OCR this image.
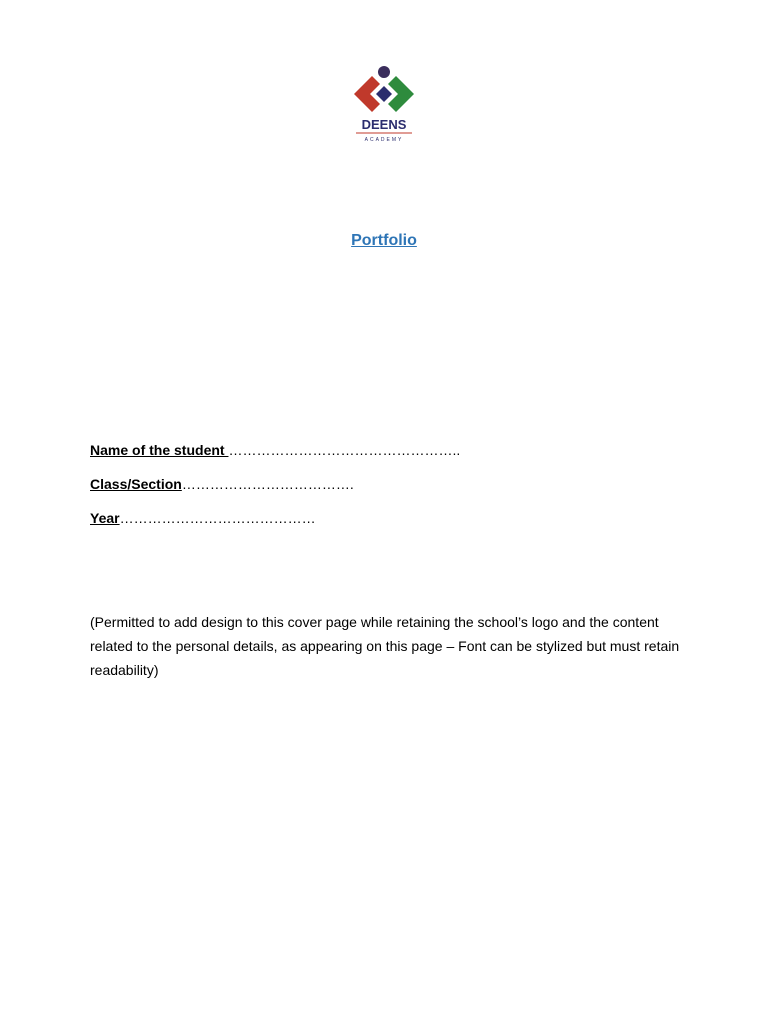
DEENS
ACADEMY
Portfolio
Name of the student …………………………………………..
Class/Section……………………………….
Year……………………………………
(Permitted to add design to this cover page while retaining the school’s logo and the content related to the personal details, as appearing on this page – Font can be stylized but must retain readability)
